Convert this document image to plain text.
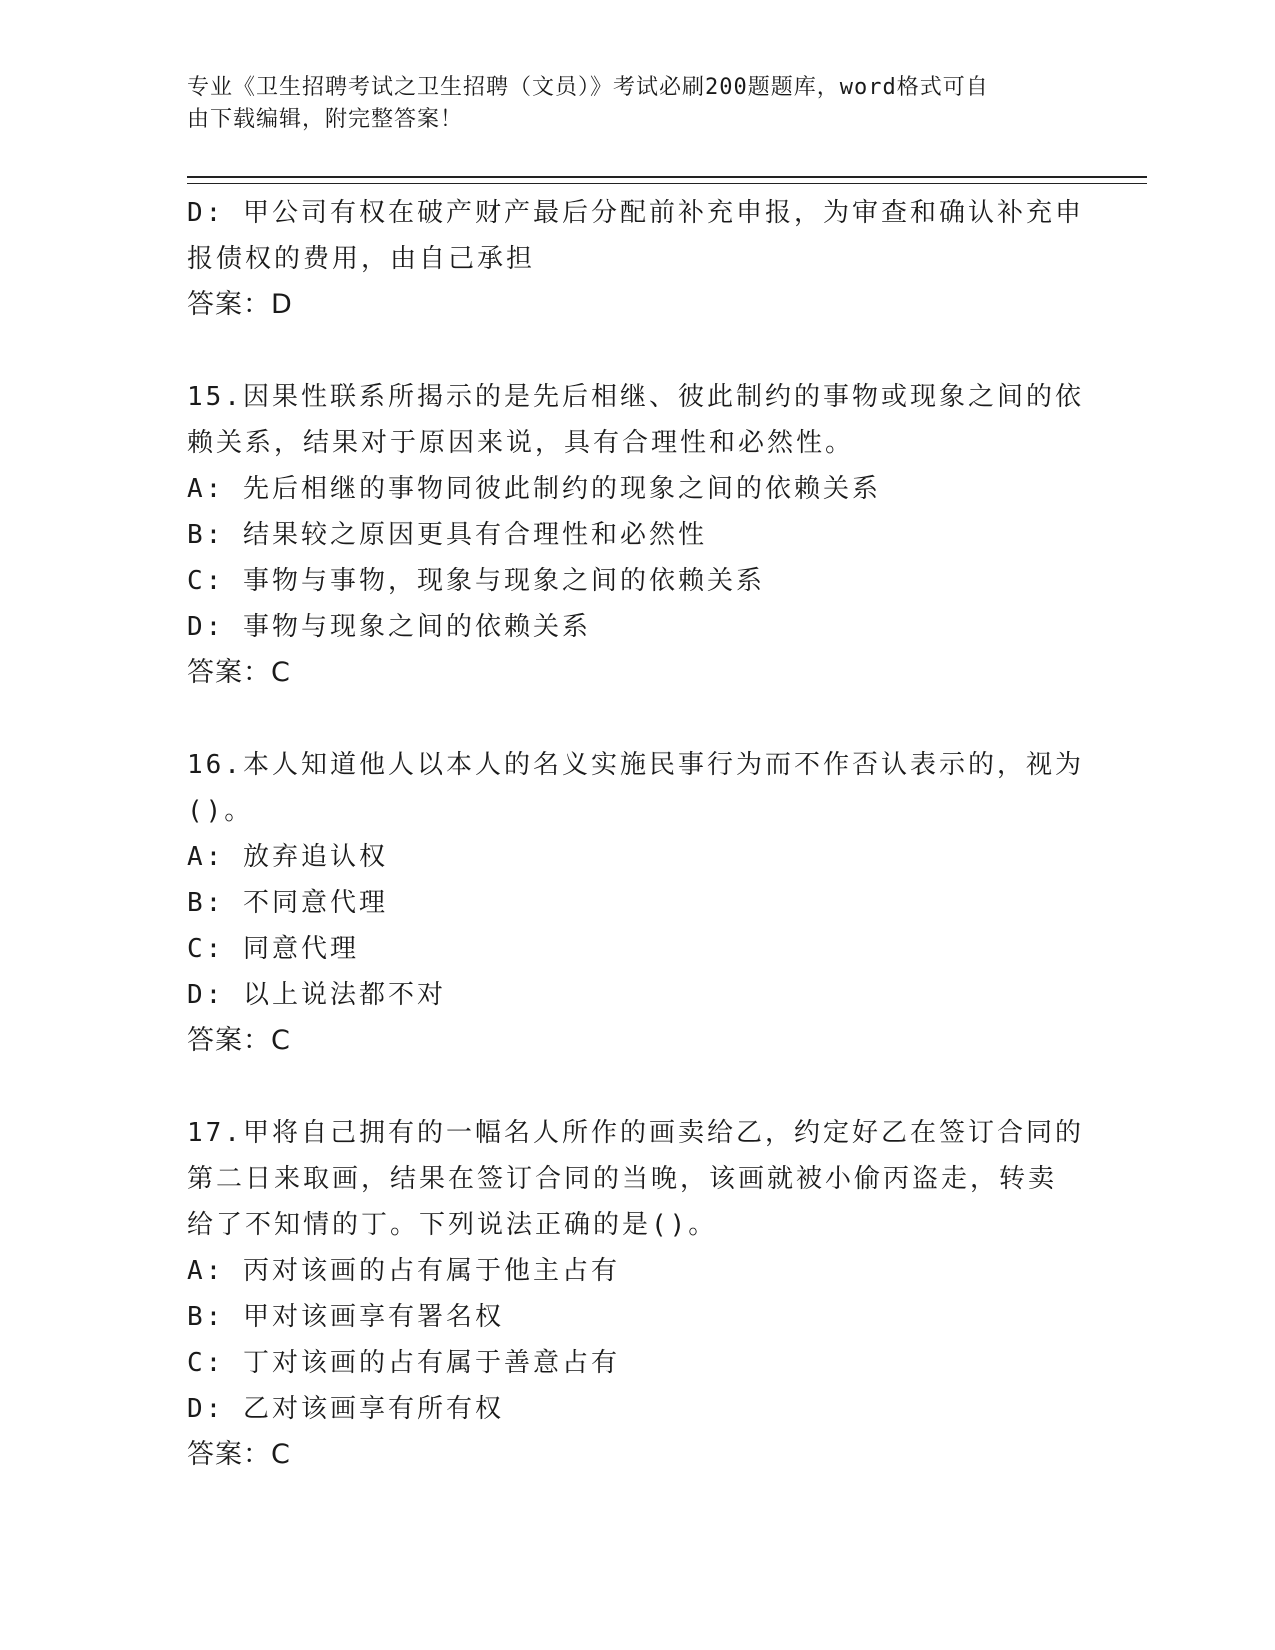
专业《卫生招聘考试之卫生招聘（文员）》考试必刷200题题库，word格式可自
由下载编辑，附完整答案！
D: 甲公司有权在破产财产最后分配前补充申报，为审查和确认补充申
报债权的费用，由自己承担
答案：D
15.因果性联系所揭示的是先后相继、彼此制约的事物或现象之间的依
赖关系，结果对于原因来说，具有合理性和必然性。
A: 先后相继的事物同彼此制约的现象之间的依赖关系
B: 结果较之原因更具有合理性和必然性
C: 事物与事物，现象与现象之间的依赖关系
D: 事物与现象之间的依赖关系
答案：C
16.本人知道他人以本人的名义实施民事行为而不作否认表示的，视为
()。
A: 放弃追认权
B: 不同意代理
C: 同意代理
D: 以上说法都不对
答案：C
17.甲将自己拥有的一幅名人所作的画卖给乙，约定好乙在签订合同的
第二日来取画，结果在签订合同的当晚，该画就被小偷丙盗走，转卖
给了不知情的丁。下列说法正确的是()。
A: 丙对该画的占有属于他主占有
B: 甲对该画享有署名权
C: 丁对该画的占有属于善意占有
D: 乙对该画享有所有权
答案：C
